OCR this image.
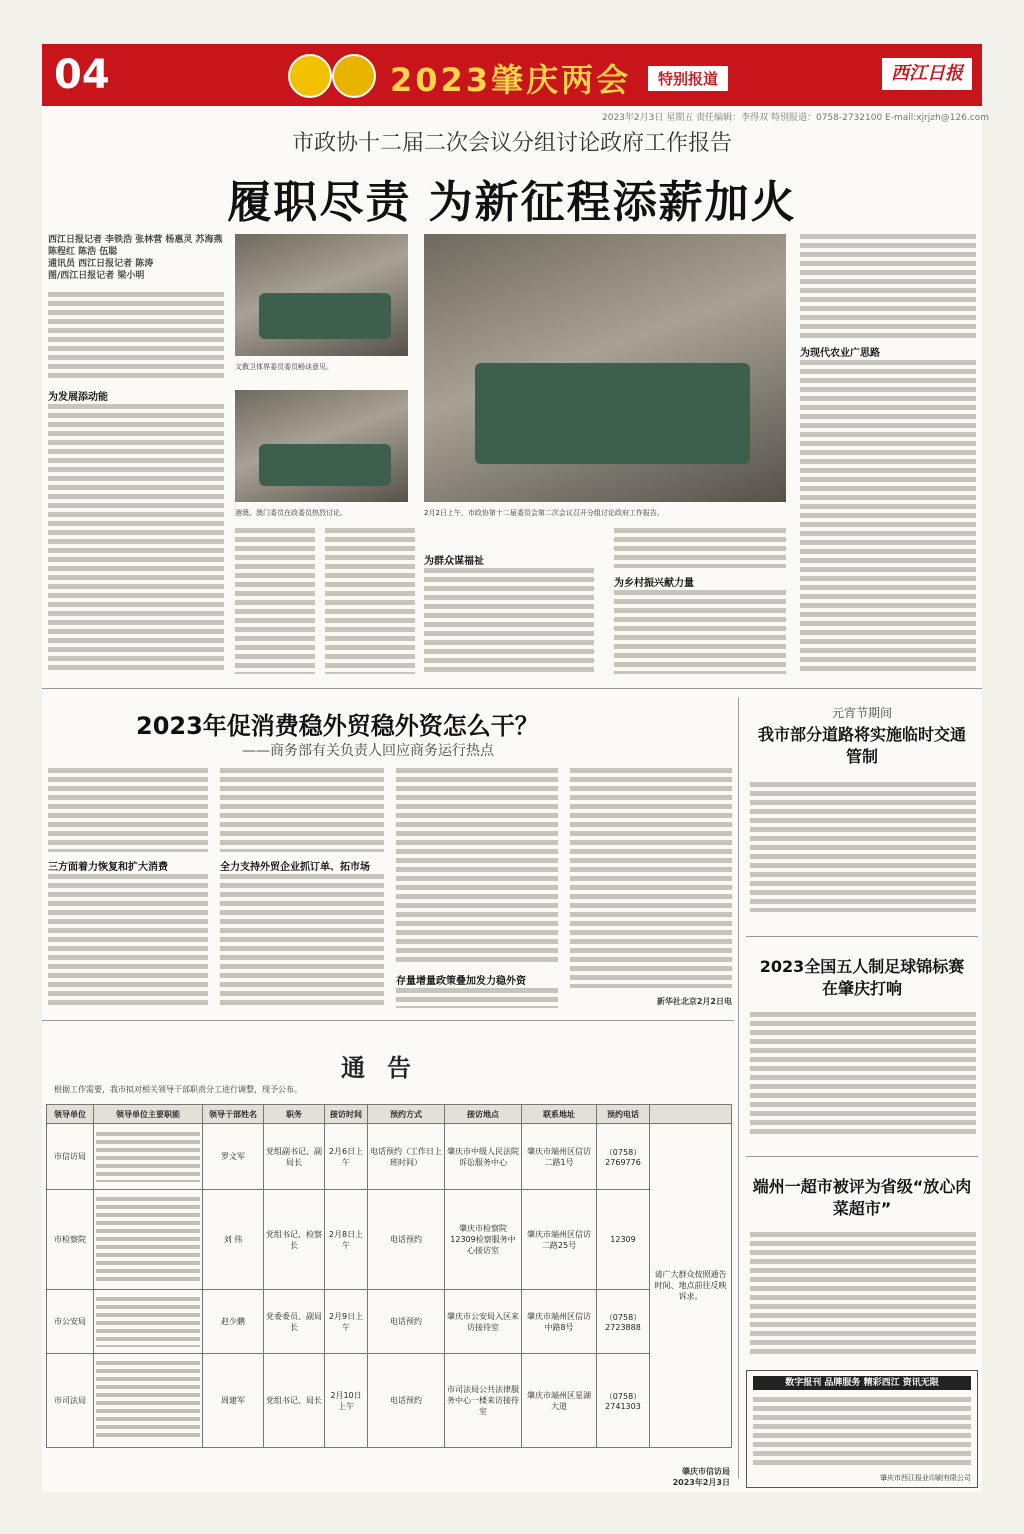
04	2023肇庆两会	特别报道	西江日报
2023年2月3日 星期五 责任编辑：李得双 特别报道：0758-2732100 E-mail:xjrjzh@126.com
市政协十二届二次会议分组讨论政府工作报告
履职尽责 为新征程添薪加火
西江日报记者 李铁浩 张林营 杨惠灵 苏海燕 陈程红 陈浩 伍聪
通讯员 西江日报记者 陈涛
图/西江日报记者 梁小明
为发展添动能
文教卫体界委员委员畅谈意见。
港澳、澳门委员在政委员热烈讨论。	2月2日上午，市政协第十二届委员会第二次会议召开分组讨论政府工作报告。
为群众谋福祉
为乡村振兴献力量
为现代农业广思路
2023年促消费稳外贸稳外资怎么干？
——商务部有关负责人回应商务运行热点
三方面着力恢复和扩大消费	全力支持外贸企业抓订单、拓市场
存量增量政策叠加发力稳外资
新华社北京2月2日电
元宵节期间
我市部分道路将实施临时交通管制
2023全国五人制足球锦标赛在肇庆打响
端州一超市被评为省级“放心肉菜超市”
数字报刊 品牌服务 精彩西江 资讯无限
肇庆市西江报业印刷有限公司
通告
根据工作需要，我市拟对相关领导干部职责分工进行调整，现予公布。
领导单位	领导单位主要职能	领导干部姓名	职务	接访时间	预约方式	接访地点	联系地址	预约电话	
市信访局		罗文军	党组副书记、副局长	2月6日上午	电话预约（工作日上班时间）	肇庆市中级人民法院诉讼服务中心	肇庆市端州区信访二路1号	（0758）2769776	请广大群众按照通告时间、地点前往反映诉求。
市检察院		刘 伟	党组书记、检察长	2月8日上午	电话预约	肇庆市检察院12309检察服务中心接访室	肇庆市端州区信访二路25号	12309	
市公安局		赵少鹏	党委委员、副局长	2月9日上午	电话预约	肇庆市公安局入区来访接待室	肇庆市端州区信访中路8号	（0758）2723888	
市司法局		周建军	党组书记、局长	2月10日上午	电话预约	市司法局公共法律服务中心一楼来访接待室	肇庆市端州区星湖大道	（0758）2741303	
肇庆市信访局
2023年2月3日
